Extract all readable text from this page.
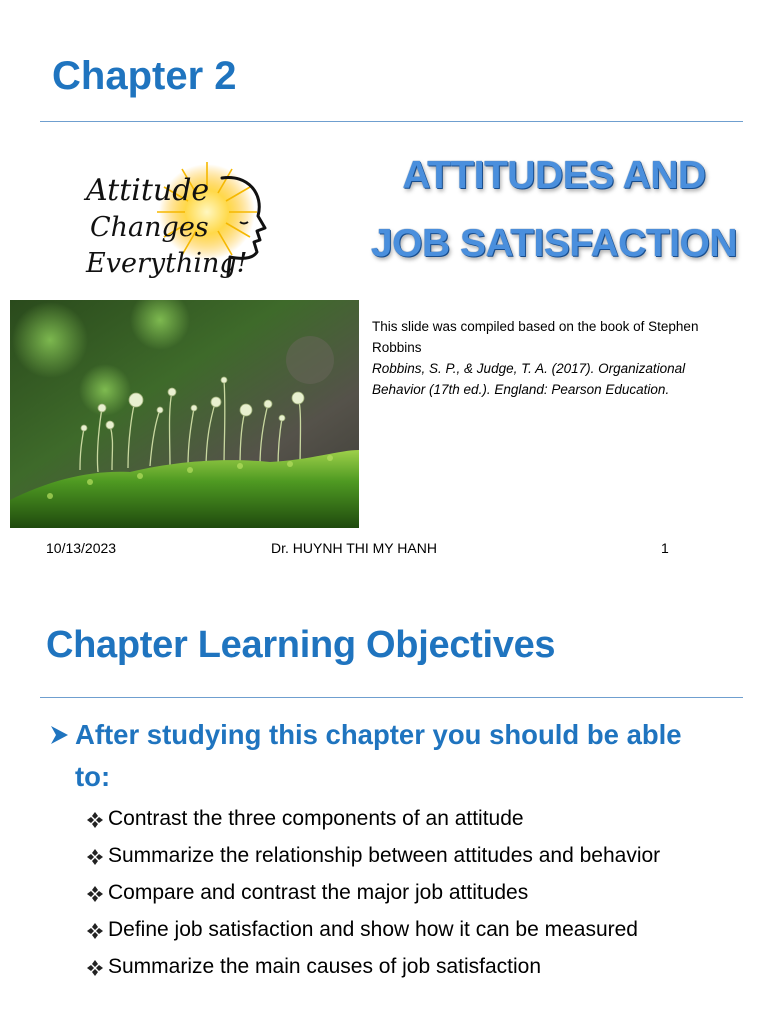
Chapter 2
Attitude
Changes
Everything!
ATTITUDES AND
JOB SATISFACTION

This slide was compiled based on the book of Stephen Robbins

Robbins, S. P., & Judge, T. A. (2017). Organizational Behavior (17th ed.). England: Pearson Education.

10/13/2023	Dr. HUYNH THI MY HANH	1
Chapter Learning Objectives
After studying this chapter you should be able to:
Contrast the three components of an attitude
Summarize the relationship between attitudes and behavior
Compare and contrast the major job attitudes
Define job satisfaction and show how it can be measured
Summarize the main causes of job satisfaction
